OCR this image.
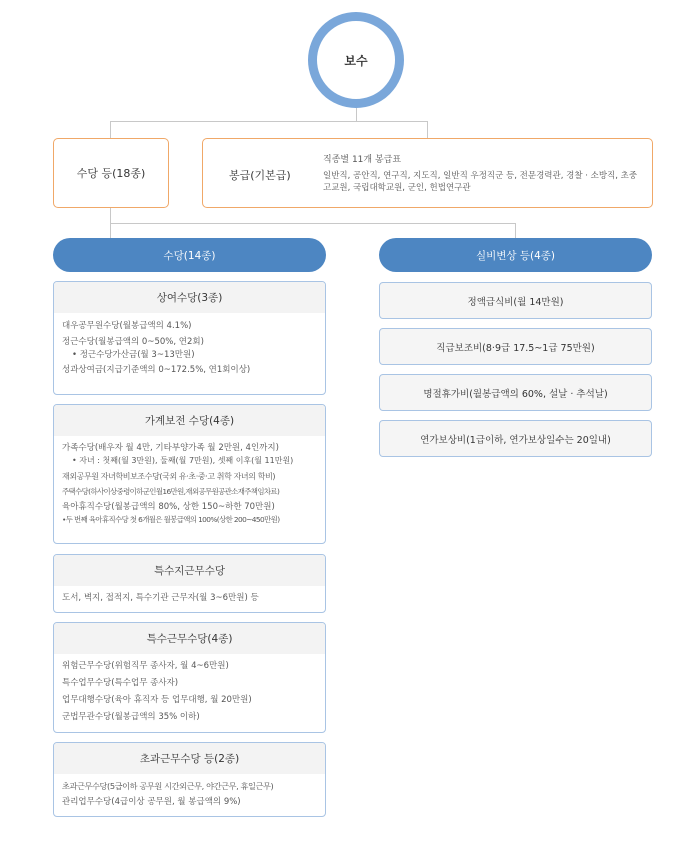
보수
수당 등(18종)	봉급(기본급)
직종별 11개 봉급표
일반직, 공안직, 연구직, 지도직, 일반직 우정직군 등, 전문경력관, 경찰 · 소방직, 초중고교원, 국립대학교원, 군인, 헌법연구관
수당(14종)	실비변상 등(4종)
상여수당(3종)
대우공무원수당(월봉급액의 4.1%)
정근수당(월봉급액의 0~50%, 연2회)
• 정근수당가산금(월 3~13만원)
성과상여금(지급기준액의 0~172.5%, 연1회이상)
가계보전 수당(4종)
가족수당(배우자 월 4만, 기타부양가족 월 2만원, 4인까지)
• 자녀 : 첫째(월 3만원), 둘째(월 7만원), 셋째 이후(월 11만원)
재외공무원 자녀학비보조수당(국외 유·초·중·고 취학 자녀의 학비)
주택수당(하사이상중령이하군인월16만원,재외공무원공관소재주책임차료)
육아휴직수당(월봉급액의 80%, 상한 150~하한 70만원)
•두 번째 육아휴직수당 첫 6개월은 월봉급액의 100%(상한 200~450만원)
특수지근무수당
도서, 벽지, 접적지, 특수기관 근무자(월 3~6만원) 등
특수근무수당(4종)
위험근무수당(위험직무 종사자, 월 4~6만원)
특수업무수당(특수업무 종사자)
업무대행수당(육아 휴직자 등 업무대행, 월 20만원)
군법무관수당(월봉급액의 35% 이하)
초과근무수당 등(2종)
초과근무수당(5급이하 공무원 시간외근무, 야간근무, 휴일근무)
관리업무수당(4급이상 공무원, 월 봉급액의 9%)
정액급식비(월 14만원)
직급보조비(8·9급 17.5~1급 75만원)
명절휴가비(월봉급액의 60%, 설날 · 추석날)
연가보상비(1급이하, 연가보상일수는 20일내)
